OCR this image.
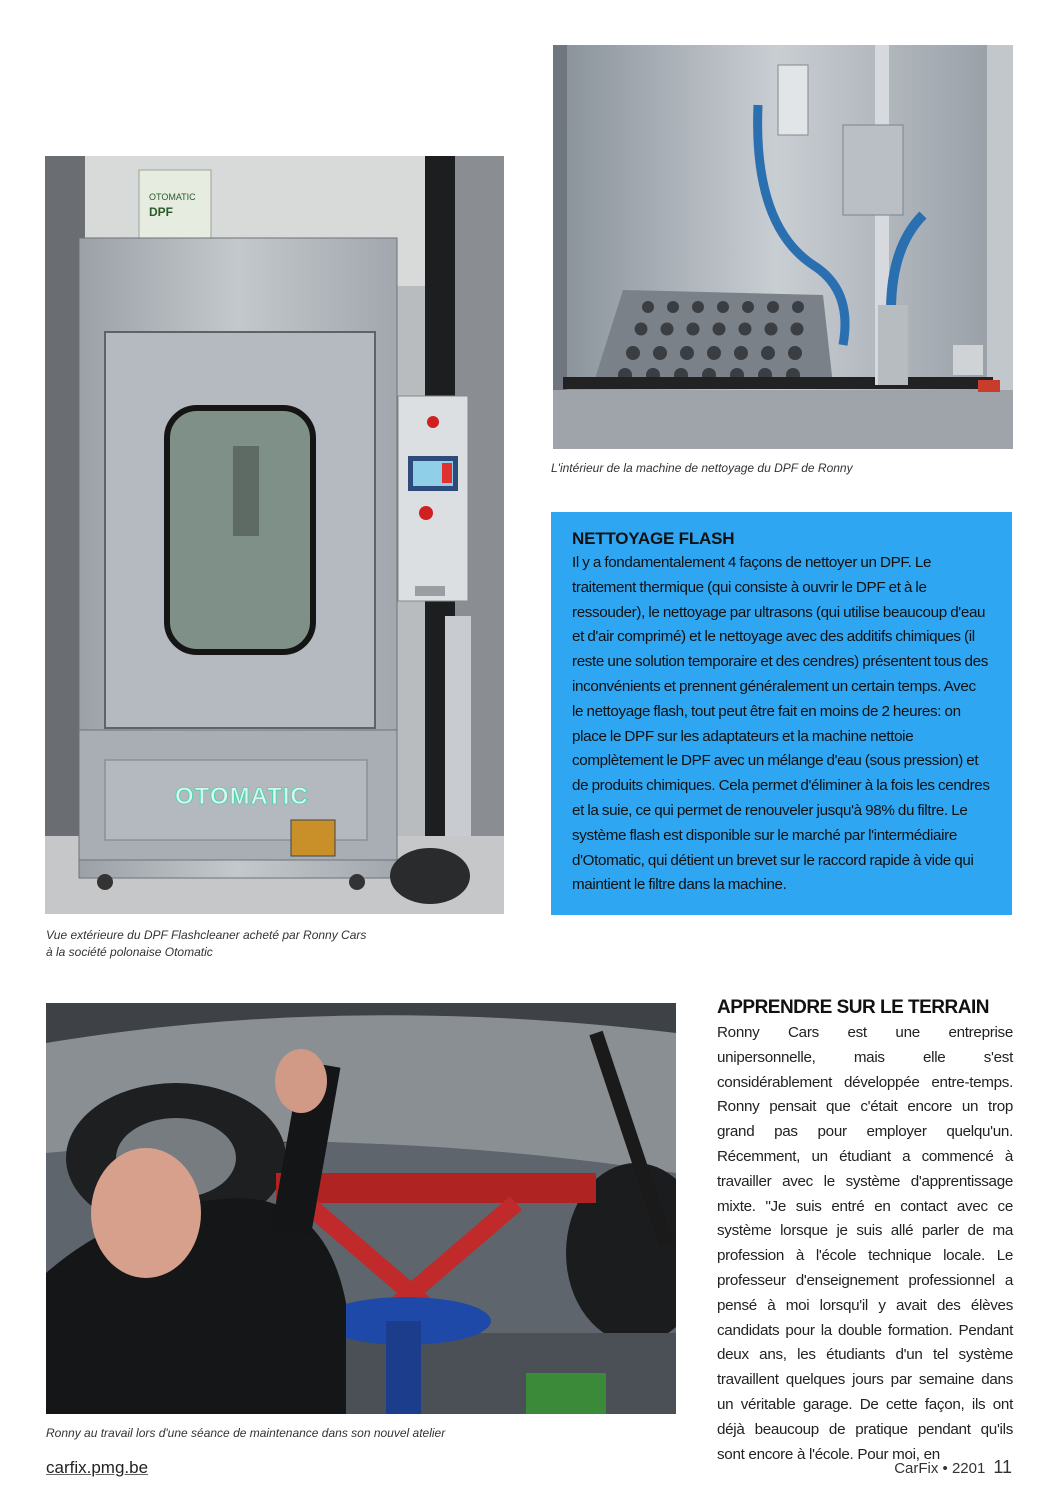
L'intérieur de la machine de nettoyage du DPF de Ronny
OTOMATIC
DPF
OTOMATIC
Vue extérieure du DPF Flashcleaner acheté par Ronny Cars
à la société polonaise Otomatic
NETTOYAGE FLASH

Il y a fondamentalement 4 façons de nettoyer un DPF. Le traitement thermique (qui consiste à ouvrir le DPF et à le ressouder), le nettoyage par ultrasons (qui utilise beaucoup d'eau et d'air comprimé) et le nettoyage avec des additifs chimiques (il reste une solution temporaire et des cendres) présentent tous des inconvénients et prennent généralement un certain temps. Avec le nettoyage flash, tout peut être fait en moins de 2 heures: on place le DPF sur les adaptateurs et la machine nettoie complètement le DPF avec un mélange d'eau (sous pression) et de produits chimiques. Cela permet d'éliminer à la fois les cendres et la suie, ce qui permet de renouveler jusqu'à 98% du filtre. Le système flash est disponible sur le marché par l'intermédiaire d'Otomatic, qui détient un brevet sur le raccord rapide à vide qui maintient le filtre dans la machine.

Ronny au travail lors d'une séance de maintenance dans son nouvel atelier
APPRENDRE SUR LE TERRAIN

Ronny Cars est une entreprise unipersonnelle, mais elle s'est considérablement développée entre-temps. Ronny pensait que c'était encore un trop grand pas pour employer quelqu'un. Récemment, un étudiant a commencé à travailler avec le système d'apprentissage mixte. "Je suis entré en contact avec ce système lorsque je suis allé parler de ma profession à l'école technique locale. Le professeur d'enseignement professionnel a pensé à moi lorsqu'il y avait des élèves candidats pour la double formation. Pendant deux ans, les étudiants d'un tel système travaillent quelques jours par semaine dans un véritable garage. De cette façon, ils ont déjà beaucoup de pratique pendant qu'ils sont encore à l'école. Pour moi, en

carfix.pmg.be	CarFix • 2201 11
